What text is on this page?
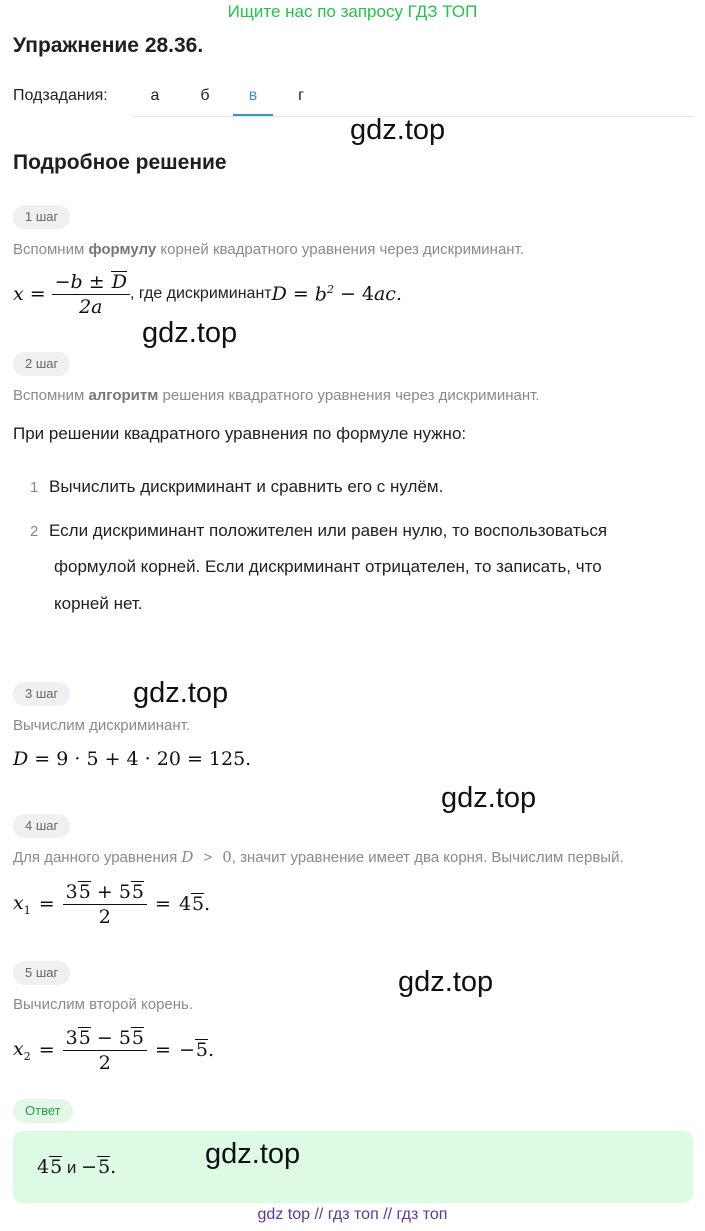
Ищите нас по запросу ГДЗ ТОП
Упражнение 28.36.
Подзадания:	а	б	в	г
gdz.top
Подробное решение
1 шаг
Вспомним формулу корней квадратного уравнения через дискриминант.
$x = \frac{-b \pm D}{2a}$ , где дискриминант $D = b^2 - 4ac$.
gdz.top
2 шаг
Вспомним алгоритм решения квадратного уравнения через дискриминант.
При решении квадратного уравнения по формуле нужно:
1 Вычислить дискриминант и сравнить его с нулём.
2 Если дискриминант положителен или равен нулю, то воспользоваться
формулой корней. Если дискриминант отрицателен, то записать, что
корней нет.
3 шаг	gdz.top
Вычислим дискриминант.
D = 9 · 5 + 4 · 20 = 125.
gdz.top
4 шаг
Для данного уравнения D > 0, значит уравнение имеет два корня. Вычислим первый.
$x_1 = \frac{35 + 55}{2} = 45$.
5 шаг	gdz.top
Вычислим второй корень.
$x_2 = \frac{35 - 55}{2} = -5$.
Ответ
45 и −5.	gdz.top
gdz top // гдз топ // гдз топ
